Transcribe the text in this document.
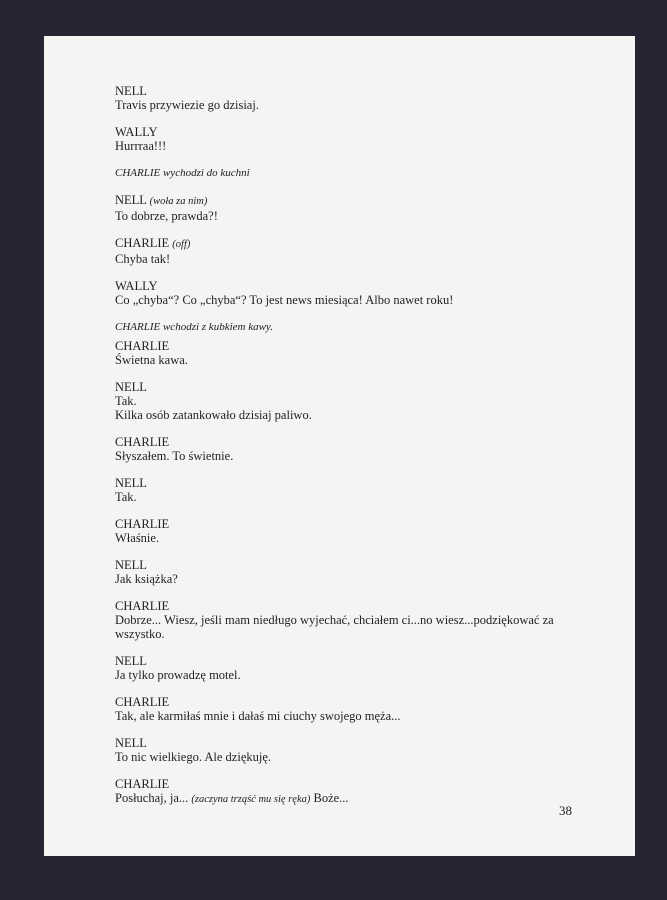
NELL
Travis przywiezie go dzisiaj.
WALLY
Hurrraa!!!
CHARLIE wychodzi do kuchni
NELL (woła za nim)
To dobrze, prawda?!
CHARLIE (off)
Chyba tak!
WALLY
Co „chyba“? Co „chyba“? To jest news miesiąca! Albo nawet roku!
CHARLIE wchodzi z kubkiem kawy.
CHARLIE
Świetna kawa.
NELL
Tak.
Kilka osób zatankowało dzisiaj paliwo.
CHARLIE
Słyszałem. To świetnie.
NELL
Tak.
CHARLIE
Właśnie.
NELL
Jak książka?
CHARLIE
Dobrze... Wiesz, jeśli mam niedługo wyjechać, chciałem ci...no wiesz...podziękować za
wszystko.
NELL
Ja tylko prowadzę motel.
CHARLIE
Tak, ale karmiłaś mnie i dałaś mi ciuchy swojego męża...
NELL
To nic wielkiego. Ale dziękuję.
CHARLIE
Posłuchaj, ja... (zaczyna trząść mu się ręka) Boże...
38
